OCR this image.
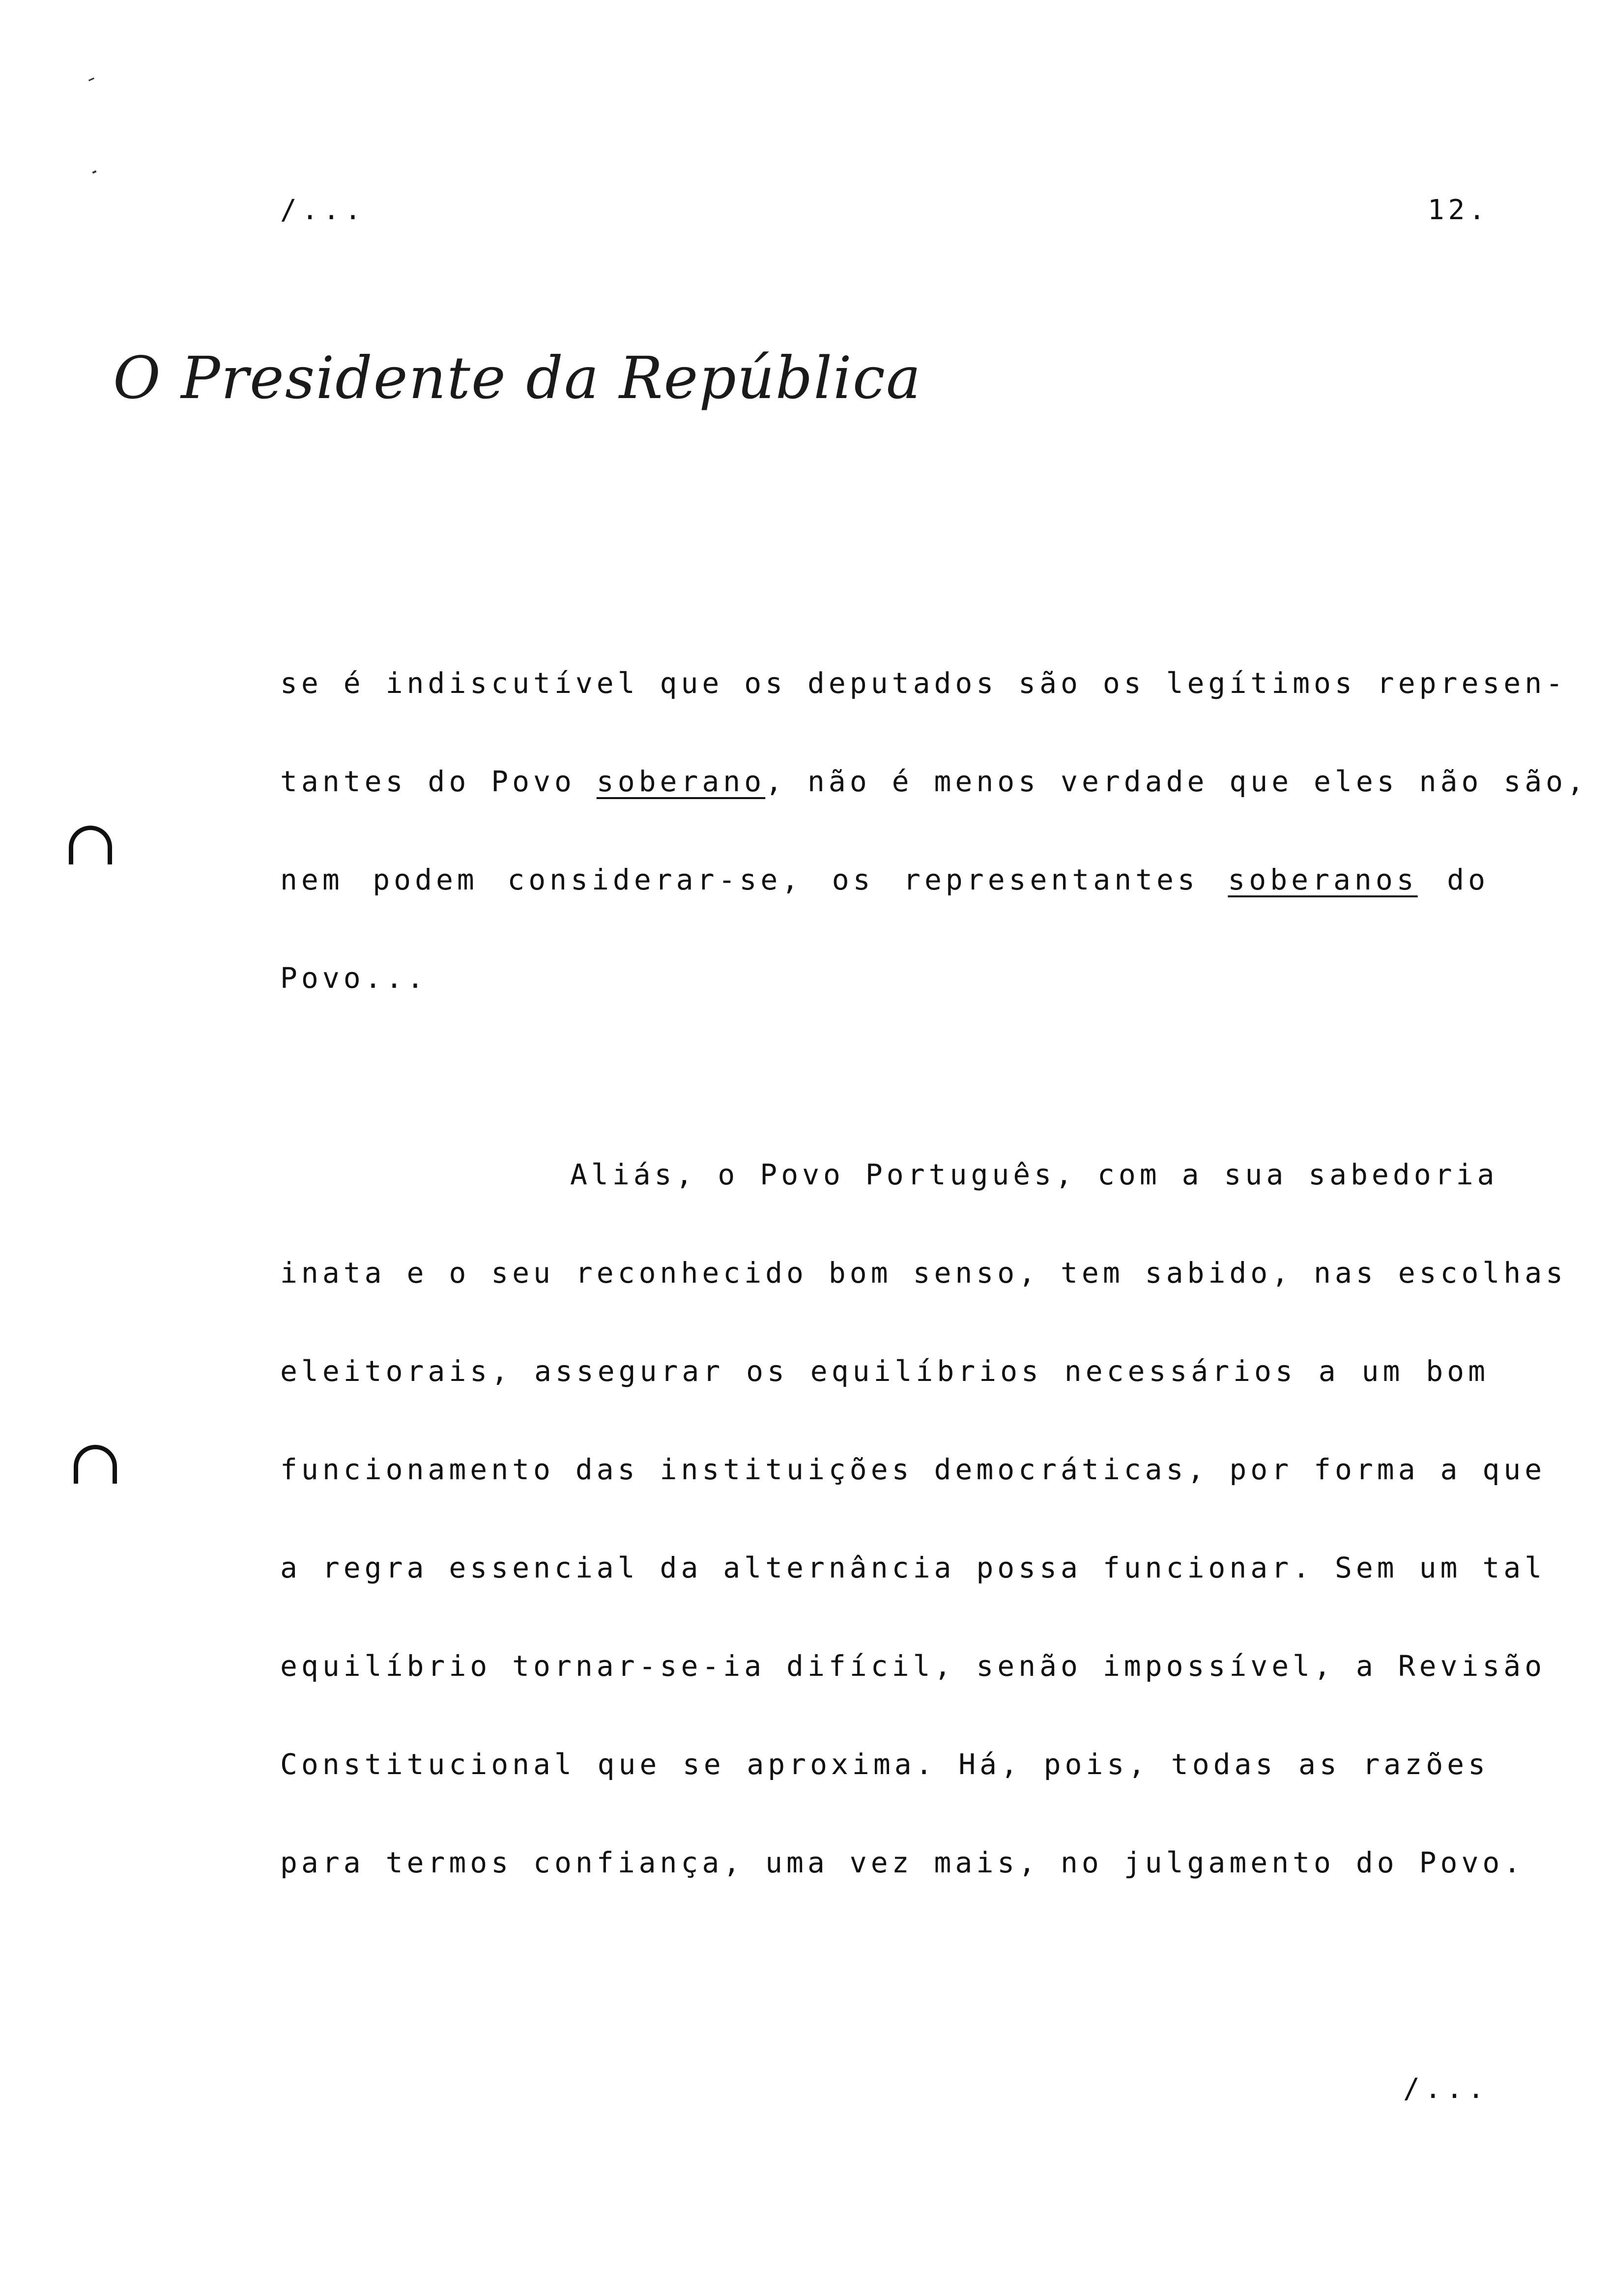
/...	12.
O Presidente da República
se é indiscutível que os deputados são os legítimos represen-
tantes do Povo soberano, não é menos verdade que eles não são,
nem podem considerar-se, os representantes soberanos do
Povo...
Aliás, o Povo Português, com a sua sabedoria
inata e o seu reconhecido bom senso, tem sabido, nas escolhas
eleitorais, assegurar os equilíbrios necessários a um bom
funcionamento das instituições democráticas, por forma a que
a regra essencial da alternância possa funcionar. Sem um tal
equilíbrio tornar-se-ia difícil, senão impossível, a Revisão
Constitucional que se aproxima. Há, pois, todas as razões
para termos confiança, uma vez mais, no julgamento do Povo.
/...
